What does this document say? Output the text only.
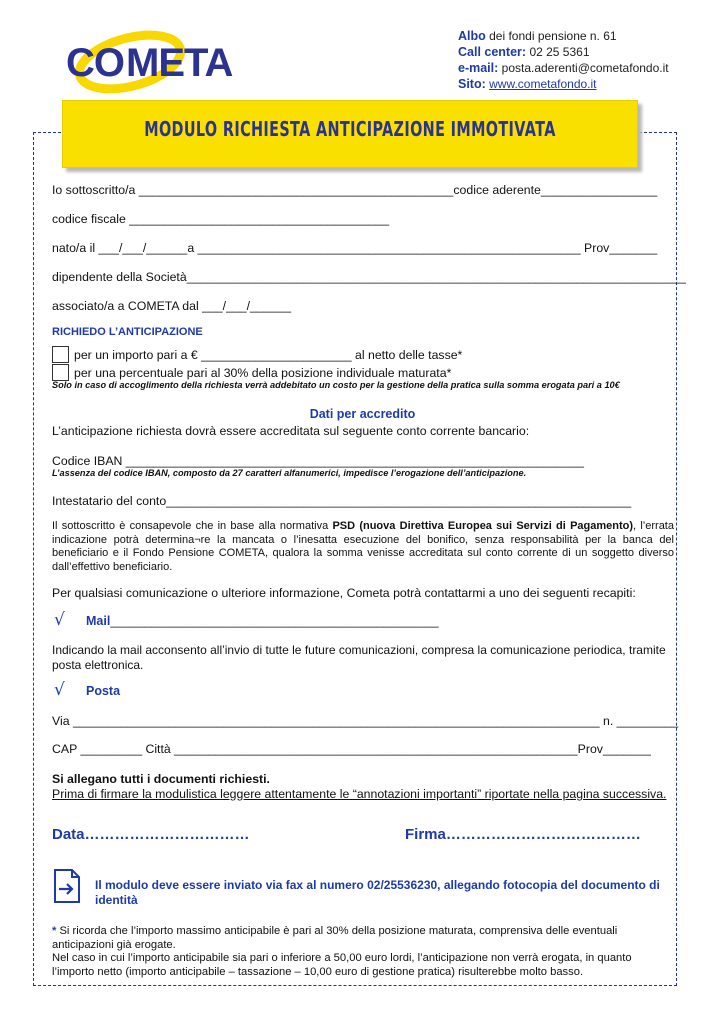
CO META
Albo dei fondi pensione n. 61
Call center: 02 25 5361
e-mail: posta.aderenti@cometafondo.it
Sito: www.cometafondo.it
MODULO RICHIESTA ANTICIPAZIONE IMMOTIVATA
Io sottoscritto/a ______________________________________________codice aderente_________________
codice fiscale ______________________________________
nato/a il ___/___/______a ________________________________________________________ Prov_______
dipendente della Società_________________________________________________________________________
associato/a a COMETA dal ___/___/______
RICHIEDO L’ANTICIPAZIONE
per un importo pari a € ______________________ al netto delle tasse*
per una percentuale pari al 30% della posizione individuale maturata*
Solo in caso di accoglimento della richiesta verrà addebitato un costo per la gestione della pratica sulla somma erogata pari a 10€
Dati per accredito
L’anticipazione richiesta dovrà essere accreditata sul seguente conto corrente bancario:
Codice IBAN ___________________________________________________________________
L’assenza del codice IBAN, composto da 27 caratteri alfanumerici, impedisce l’erogazione dell’anticipazione.
Intestatario del conto____________________________________________________________________
Il sottoscritto è consapevole che in base alla normativa PSD (nuova Direttiva Europea sui Servizi di Pagamento), l’errata indicazione potrà determina¬re la mancata o l’inesatta esecuzione del bonifico, senza responsabilità per la banca del beneficiario e il Fondo Pensione COMETA, qualora la somma venisse accreditata sul conto corrente di un soggetto diverso dall’effettivo beneficiario.
Per qualsiasi comunicazione o ulteriore informazione, Cometa potrà contattarmi a uno dei seguenti recapiti:
√ Mail________________________________________________
Indicando la mail acconsento all’invio di tutte le future comunicazioni, compresa la comunicazione periodica, tramite posta elettronica.
√ Posta
Via _____________________________________________________________________________ n. _________
CAP _________ Città ___________________________________________________________Prov_______
Si allegano tutti i documenti richiesti.
Prima di firmare la modulistica leggere attentamente le “annotazioni importanti” riportate nella pagina successiva.
Data……………………………	Firma…………………………………
Il modulo deve essere inviato via fax al numero 02/25536230, allegando fotocopia del documento di identità
* Si ricorda che l’importo massimo anticipabile è pari al 30% della posizione maturata, comprensiva delle eventuali anticipazioni già erogate.
Nel caso in cui l’importo anticipabile sia pari o inferiore a 50,00 euro lordi, l’anticipazione non verrà erogata, in quanto l’importo netto (importo anticipabile – tassazione – 10,00 euro di gestione pratica) risulterebbe molto basso.
